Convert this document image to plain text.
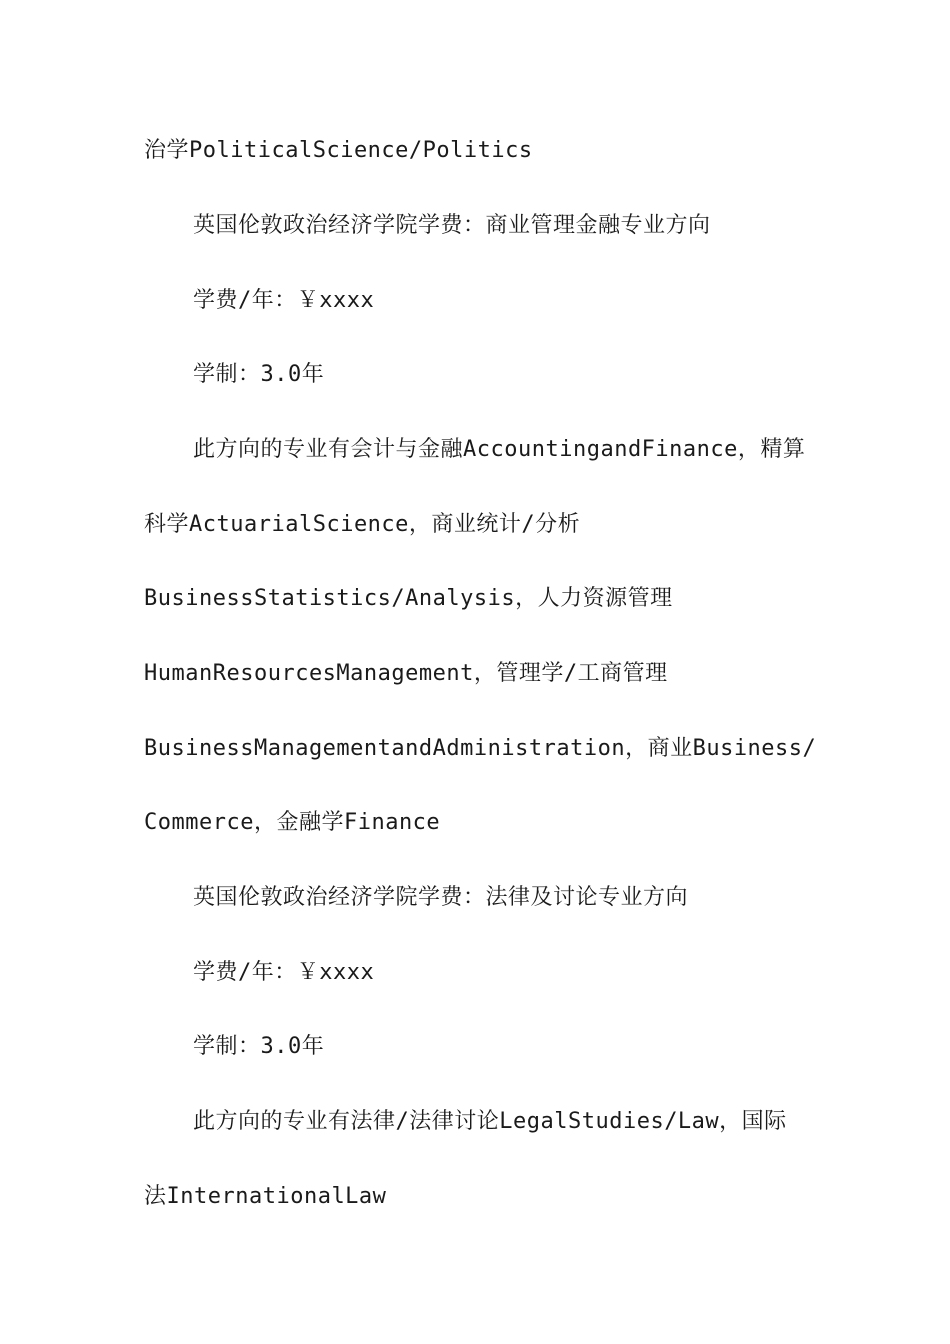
治学PoliticalScience/Politics
英国伦敦政治经济学院学费：商业管理金融专业方向
学费/年：￥xxxx
学制：3.0年
此方向的专业有会计与金融AccountingandFinance，精算
科学ActuarialScience，商业统计/分析
BusinessStatistics/Analysis，人力资源管理
HumanResourcesManagement，管理学/工商管理
BusinessManagementandAdministration，商业Business/
Commerce，金融学Finance
英国伦敦政治经济学院学费：法律及讨论专业方向
学费/年：￥xxxx
学制：3.0年
此方向的专业有法律/法律讨论LegalStudies/Law，国际
法InternationalLaw
